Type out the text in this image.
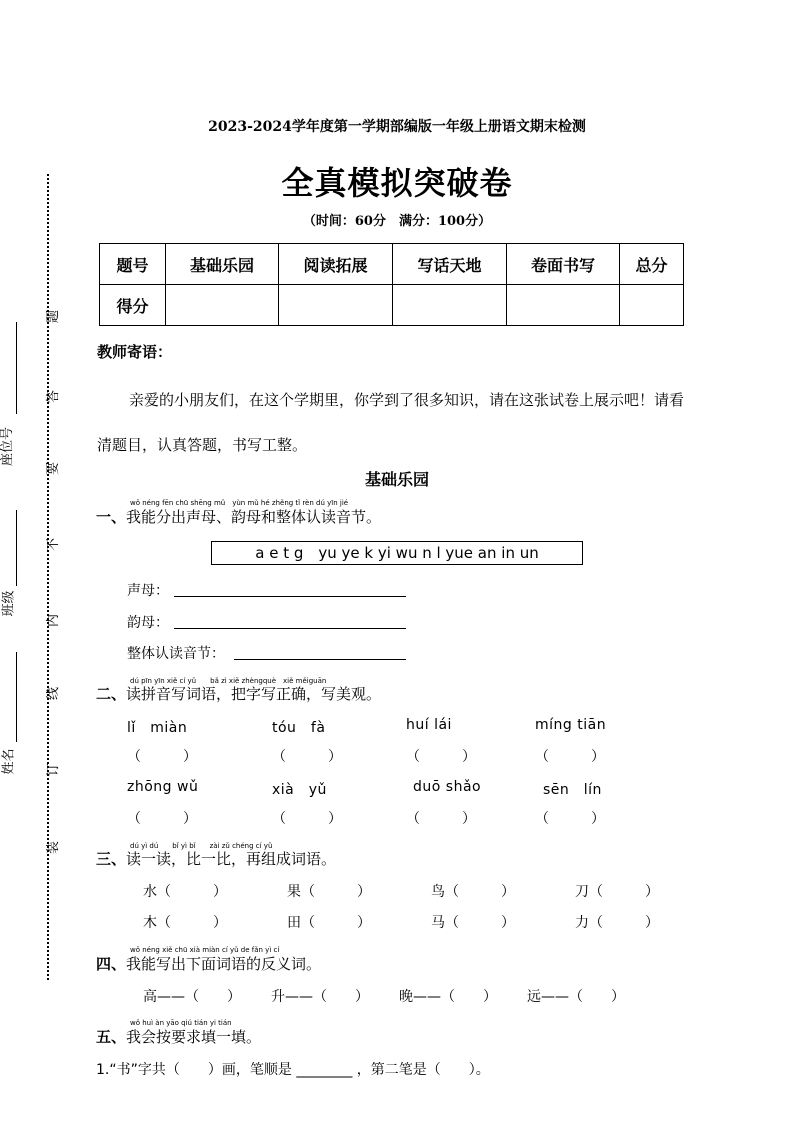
姓名
班级
座位号
装
订
线
内
不
要
答
题
2023-2024学年度第一学期部编版一年级上册语文期末检测
全真模拟突破卷
（时间：60分　满分：100分）
题号	基础乐园	阅读拓展	写话天地	卷面书写	总分
得分					
教师寄语：
亲爱的小朋友们，在这个学期里，你学到了很多知识，请在这张试卷上展示吧！请看清题目，认真答题，书写工整。
基础乐园
wǒ néng fēn chū shēng mǔ　yùn mǔ hé zhěng tǐ rèn dú yīn jié
一、我能分出声母、韵母和整体认读音节。
a e t g　yu ye k yi wu n l yue an in un
声母：
韵母：
整体认读音节：
dú pīn yīn xiě cí yǔ　　bǎ zì xiě zhèngquè　xiě měiguān
二、读拼音写词语，把字写正确，写美观。
lǐ　miàn	tóu　fà	huí lái	míng tiān
（　　　）	（　　　）	（　　　）	（　　　）
zhōng wǔ	xià　yǔ	duō shǎo	sēn　lín
（　　　）	（　　　）	（　　　）	（　　　）
dú yì dú　　bǐ yì bǐ　　zài zǔ chéng cí yǔ
三、读一读，比一比，再组成词语。
水（　　　）	果（　　　）	鸟（　　　）	刀（　　　）
木（　　　）	田（　　　）	马（　　　）	力（　　　）
wǒ néng xiě chū xià miàn cí yǔ de fǎn yì cí
四、我能写出下面词语的反义词。
高——（　　） 升——（　　） 晚——（　　） 远——（　　）
wǒ huì àn yāo qiú tián yi tián
五、我会按要求填一填。
1.“书”字共（　　）画，笔顺是 ________ ，第二笔是（　　）。
